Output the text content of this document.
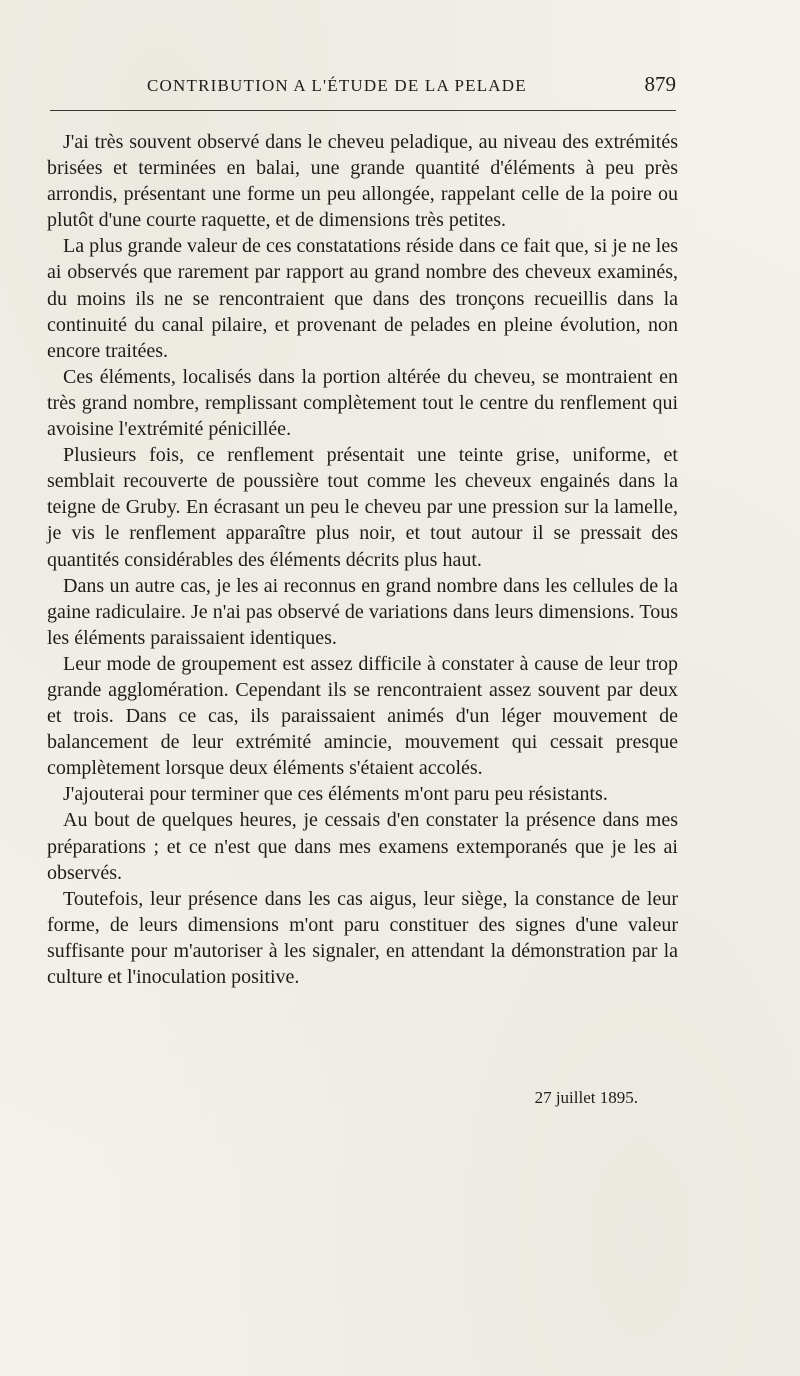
CONTRIBUTION A L'ÉTUDE DE LA PELADE	879

J'ai très souvent observé dans le cheveu peladique, au niveau des extrémités brisées et terminées en balai, une grande quantité d'éléments à peu près arrondis, présentant une forme un peu allongée, rappelant celle de la poire ou plutôt d'une courte raquette, et de dimensions très petites.

La plus grande valeur de ces constatations réside dans ce fait que, si je ne les ai observés que rarement par rapport au grand nombre des cheveux examinés, du moins ils ne se rencontraient que dans des tronçons recueillis dans la continuité du canal pilaire, et provenant de pelades en pleine évolution, non encore traitées.

Ces éléments, localisés dans la portion altérée du cheveu, se montraient en très grand nombre, remplissant complètement tout le centre du renflement qui avoisine l'extrémité pénicillée.

Plusieurs fois, ce renflement présentait une teinte grise, uniforme, et semblait recouverte de poussière tout comme les cheveux engainés dans la teigne de Gruby. En écrasant un peu le cheveu par une pression sur la lamelle, je vis le renflement apparaître plus noir, et tout autour il se pressait des quantités considérables des éléments décrits plus haut.

Dans un autre cas, je les ai reconnus en grand nombre dans les cellules de la gaine radiculaire. Je n'ai pas observé de variations dans leurs dimensions. Tous les éléments paraissaient identiques.

Leur mode de groupement est assez difficile à constater à cause de leur trop grande agglomération. Cependant ils se rencontraient assez souvent par deux et trois. Dans ce cas, ils paraissaient animés d'un léger mouvement de balancement de leur extrémité amincie, mouvement qui cessait presque complètement lorsque deux éléments s'étaient accolés.

J'ajouterai pour terminer que ces éléments m'ont paru peu résistants.

Au bout de quelques heures, je cessais d'en constater la présence dans mes préparations ; et ce n'est que dans mes examens extemporanés que je les ai observés.

Toutefois, leur présence dans les cas aigus, leur siège, la constance de leur forme, de leurs dimensions m'ont paru constituer des signes d'une valeur suffisante pour m'autoriser à les signaler, en attendant la démonstration par la culture et l'inoculation positive.

27 juillet 1895.
